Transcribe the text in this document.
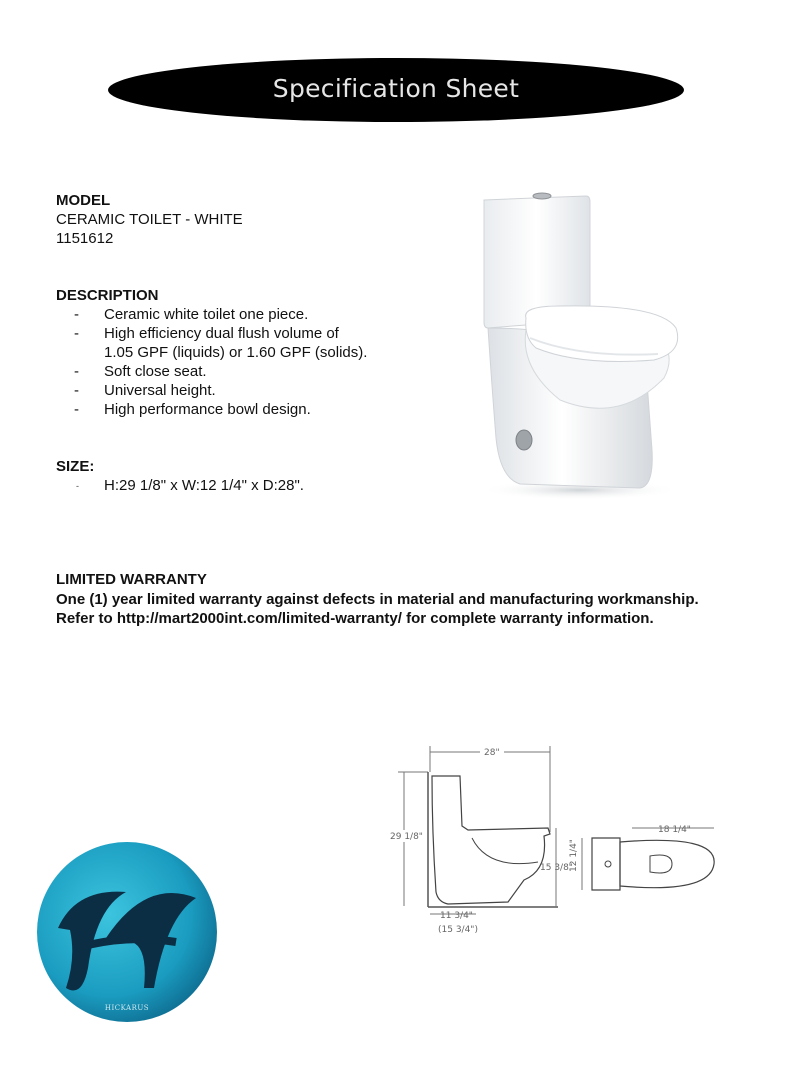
Specification Sheet
MODEL
CERAMIC TOILET - WHITE
1151612
DESCRIPTION
- Ceramic white toilet one piece.
- High efficiency dual flush volume of
1.05 GPF (liquids) or 1.60 GPF (solids).
- Soft close seat.
- Universal height.
- High performance bowl design.
SIZE:
- H:29 1/8" x W:12 1/4" x D:28".
LIMITED WARRANTY
One (1) year limited warranty against defects in material and manufacturing workmanship.
Refer to http://mart2000int.com/limited-warranty/ for complete warranty information.
28"
29 1/8"
15 3/8"
11 3/4"
(15 3/4")
18 1/4"
12 1/4"
HICKARUS
